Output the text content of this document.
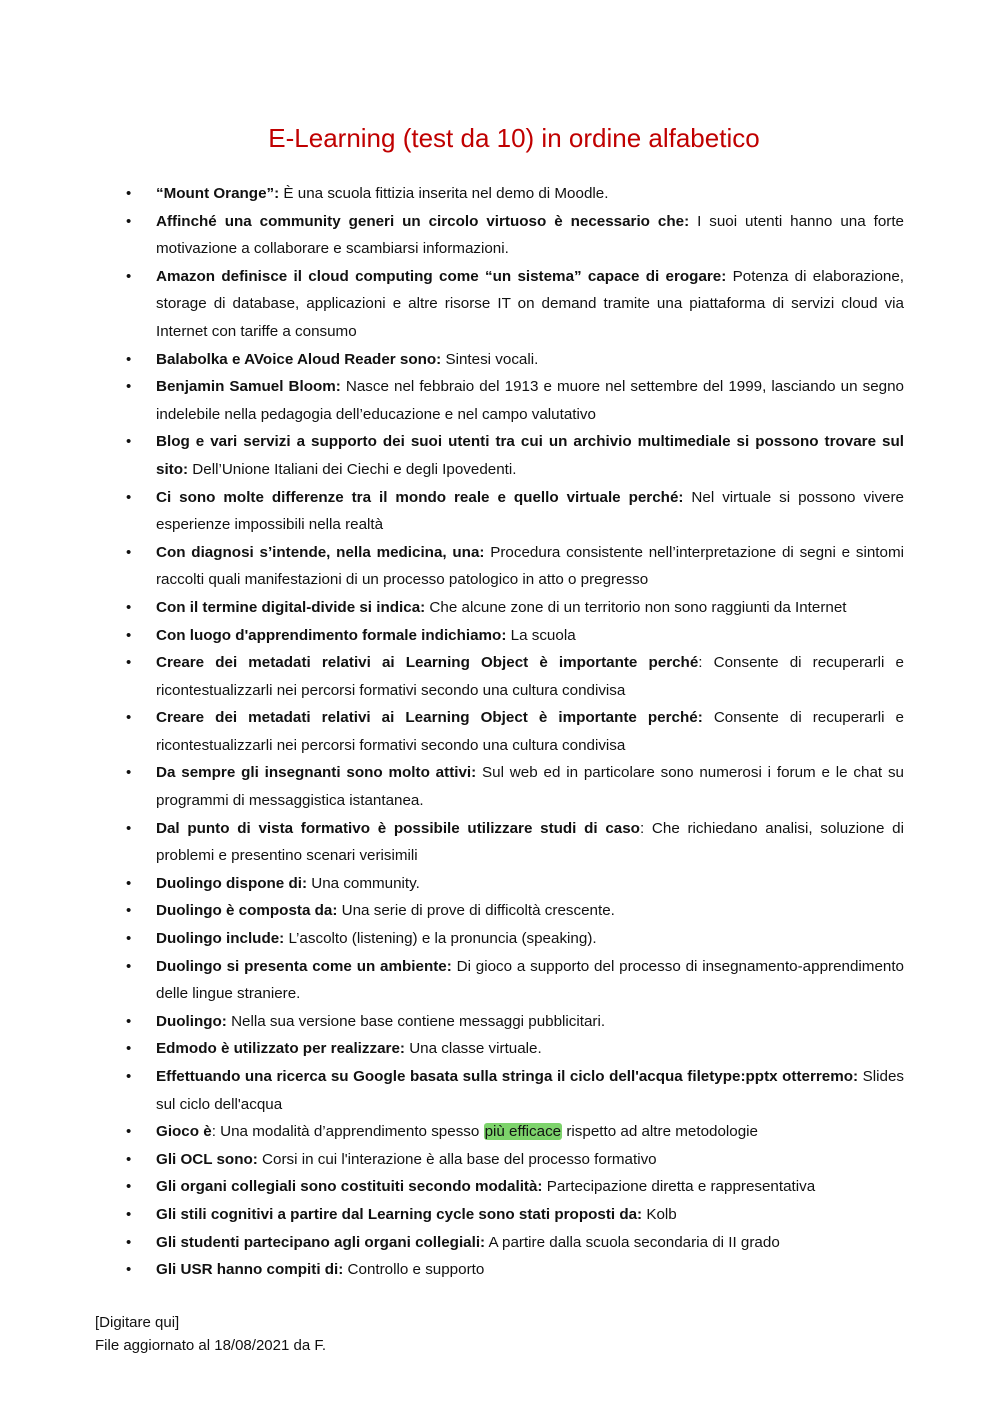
E-Learning (test da 10) in ordine alfabetico
• “Mount Orange”: È una scuola fittizia inserita nel demo di Moodle.
• Affinché una community generi un circolo virtuoso è necessario che: I suoi utenti hanno una forte motivazione a collaborare e scambiarsi informazioni.
• Amazon definisce il cloud computing come “un sistema” capace di erogare: Potenza di elaborazione, storage di database, applicazioni e altre risorse IT on demand tramite una piattaforma di servizi cloud via Internet con tariffe a consumo
• Balabolka e AVoice Aloud Reader sono: Sintesi vocali.
• Benjamin Samuel Bloom: Nasce nel febbraio del 1913 e muore nel settembre del 1999, lasciando un segno indelebile nella pedagogia dell’educazione e nel campo valutativo
• Blog e vari servizi a supporto dei suoi utenti tra cui un archivio multimediale si possono trovare sul sito: Dell’Unione Italiani dei Ciechi e degli Ipovedenti.
• Ci sono molte differenze tra il mondo reale e quello virtuale perché: Nel virtuale si possono vivere esperienze impossibili nella realtà
• Con diagnosi s’intende, nella medicina, una: Procedura consistente nell’interpretazione di segni e sintomi raccolti quali manifestazioni di un processo patologico in atto o pregresso
• Con il termine digital-divide si indica: Che alcune zone di un territorio non sono raggiunti da Internet
• Con luogo d'apprendimento formale indichiamo: La scuola
• Creare dei metadati relativi ai Learning Object è importante perché: Consente di recuperarli e ricontestualizzarli nei percorsi formativi secondo una cultura condivisa
• Creare dei metadati relativi ai Learning Object è importante perché: Consente di recuperarli e ricontestualizzarli nei percorsi formativi secondo una cultura condivisa
• Da sempre gli insegnanti sono molto attivi: Sul web ed in particolare sono numerosi i forum e le chat su programmi di messaggistica istantanea.
• Dal punto di vista formativo è possibile utilizzare studi di caso: Che richiedano analisi, soluzione di problemi e presentino scenari verisimili
• Duolingo dispone di: Una community.
• Duolingo è composta da: Una serie di prove di difficoltà crescente.
• Duolingo include: L’ascolto (listening) e la pronuncia (speaking).
• Duolingo si presenta come un ambiente: Di gioco a supporto del processo di insegnamento-apprendimento delle lingue straniere.
• Duolingo: Nella sua versione base contiene messaggi pubblicitari.
• Edmodo è utilizzato per realizzare: Una classe virtuale.
• Effettuando una ricerca su Google basata sulla stringa il ciclo dell'acqua filetype:pptx otterremo: Slides sul ciclo dell'acqua
• Gioco è: Una modalità d’apprendimento spesso più efficace rispetto ad altre metodologie
• Gli OCL sono: Corsi in cui l'interazione è alla base del processo formativo
• Gli organi collegiali sono costituiti secondo modalità: Partecipazione diretta e rappresentativa
• Gli stili cognitivi a partire dal Learning cycle sono stati proposti da: Kolb
• Gli studenti partecipano agli organi collegiali: A partire dalla scuola secondaria di II grado
• Gli USR hanno compiti di: Controllo e supporto
[Digitare qui]
File aggiornato al 18/08/2021 da F.
